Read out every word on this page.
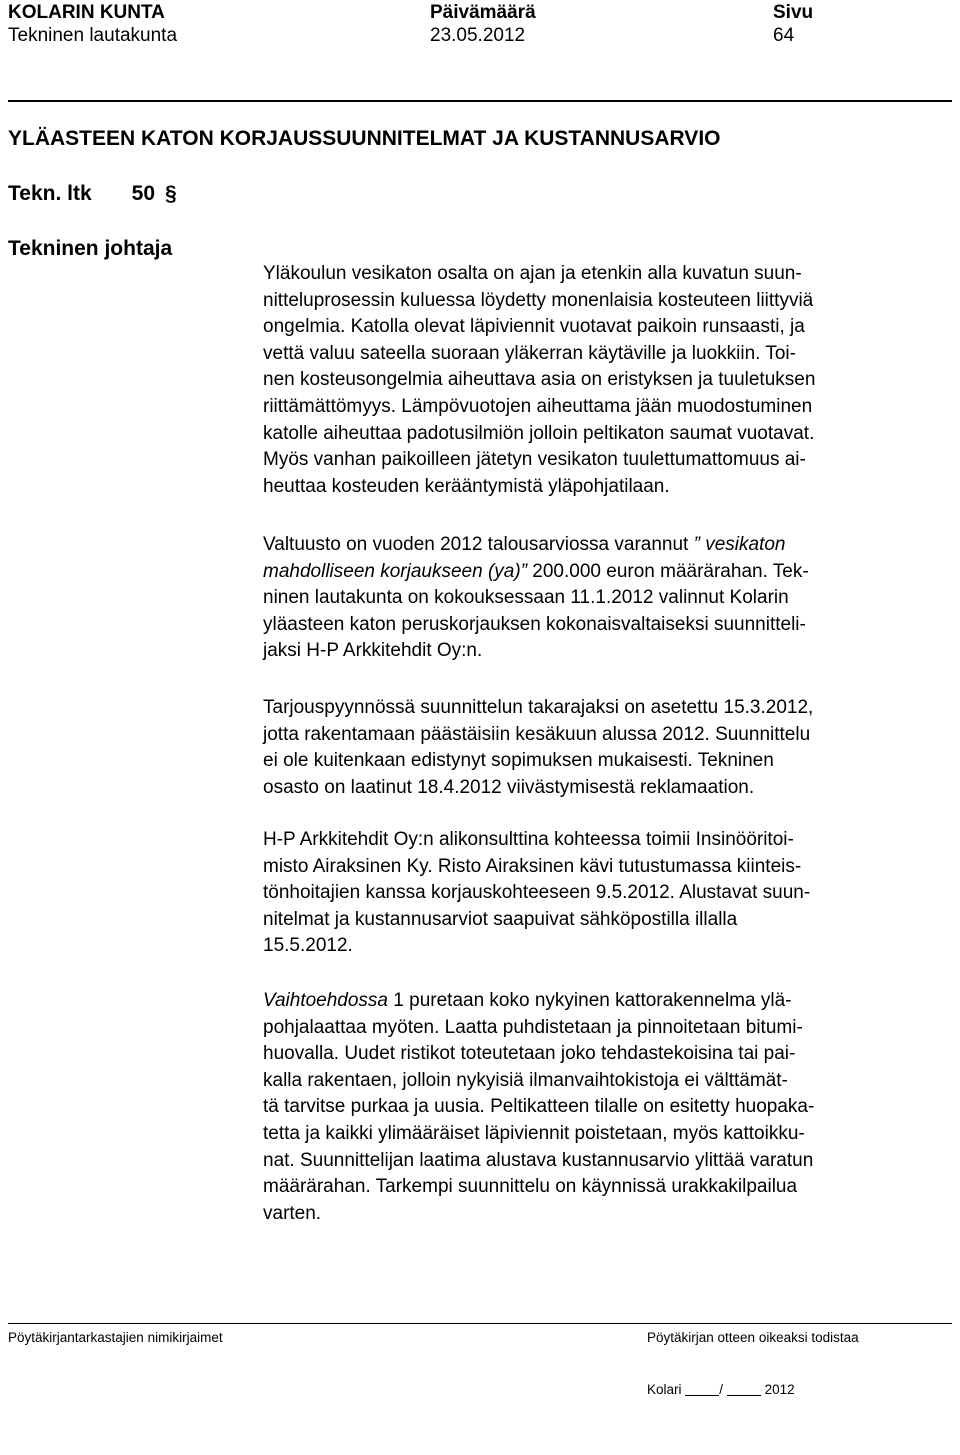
KOLARIN KUNTA
Tekninen lautakunta
Päivämäärä
23.05.2012
Sivu
64
YLÄASTEEN KATON KORJAUSSUUNNITELMAT JA KUSTANNUSARVIO
Tekn. ltk 50 §
Tekninen johtaja
Yläkoulun vesikaton osalta on ajan ja etenkin alla kuvatun suun-
nitteluprosessin kuluessa löydetty monenlaisia kosteuteen liittyviä
ongelmia. Katolla olevat läpiviennit vuotavat paikoin runsaasti, ja
vettä valuu sateella suoraan yläkerran käytäville ja luokkiin. Toi-
nen kosteusongelmia aiheuttava asia on eristyksen ja tuuletuksen
riittämättömyys. Lämpövuotojen aiheuttama jään muodostuminen
katolle aiheuttaa padotusilmiön jolloin peltikaton saumat vuotavat.
Myös vanhan paikoilleen jätetyn vesikaton tuulettumattomuus ai-
heuttaa kosteuden kerääntymistä yläpohjatilaan.
Valtuusto on vuoden 2012 talousarviossa varannut ” vesikaton
mahdolliseen korjaukseen (ya)” 200.000 euron määrärahan. Tek-
ninen lautakunta on kokouksessaan 11.1.2012 valinnut Kolarin
yläasteen katon peruskorjauksen kokonaisvaltaiseksi suunnitteli-
jaksi H-P Arkkitehdit Oy:n.
Tarjouspyynnössä suunnittelun takarajaksi on asetettu 15.3.2012,
jotta rakentamaan päästäisiin kesäkuun alussa 2012. Suunnittelu
ei ole kuitenkaan edistynyt sopimuksen mukaisesti. Tekninen
osasto on laatinut 18.4.2012 viivästymisestä reklamaation.
H-P Arkkitehdit Oy:n alikonsulttina kohteessa toimii Insinööritoi-
misto Airaksinen Ky. Risto Airaksinen kävi tutustumassa kiinteis-
tönhoitajien kanssa korjauskohteeseen 9.5.2012. Alustavat suun-
nitelmat ja kustannusarviot saapuivat sähköpostilla illalla
15.5.2012.
Vaihtoehdossa 1 puretaan koko nykyinen kattorakennelma ylä-
pohjalaattaa myöten. Laatta puhdistetaan ja pinnoitetaan bitumi-
huovalla. Uudet ristikot toteutetaan joko tehdastekoisina tai pai-
kalla rakentaen, jolloin nykyisiä ilmanvaihtokistoja ei välttämät-
tä tarvitse purkaa ja uusia. Peltikatteen tilalle on esitetty huopaka-
tetta ja kaikki ylimääräiset läpiviennit poistetaan, myös kattoikku-
nat. Suunnittelijan laatima alustava kustannusarvio ylittää varatun
määrärahan. Tarkempi suunnittelu on käynnissä urakkakilpailua
varten.
Pöytäkirjantarkastajien nimikirjaimet	Pöytäkirjan otteen oikeaksi todistaa
Kolari	/	2012
